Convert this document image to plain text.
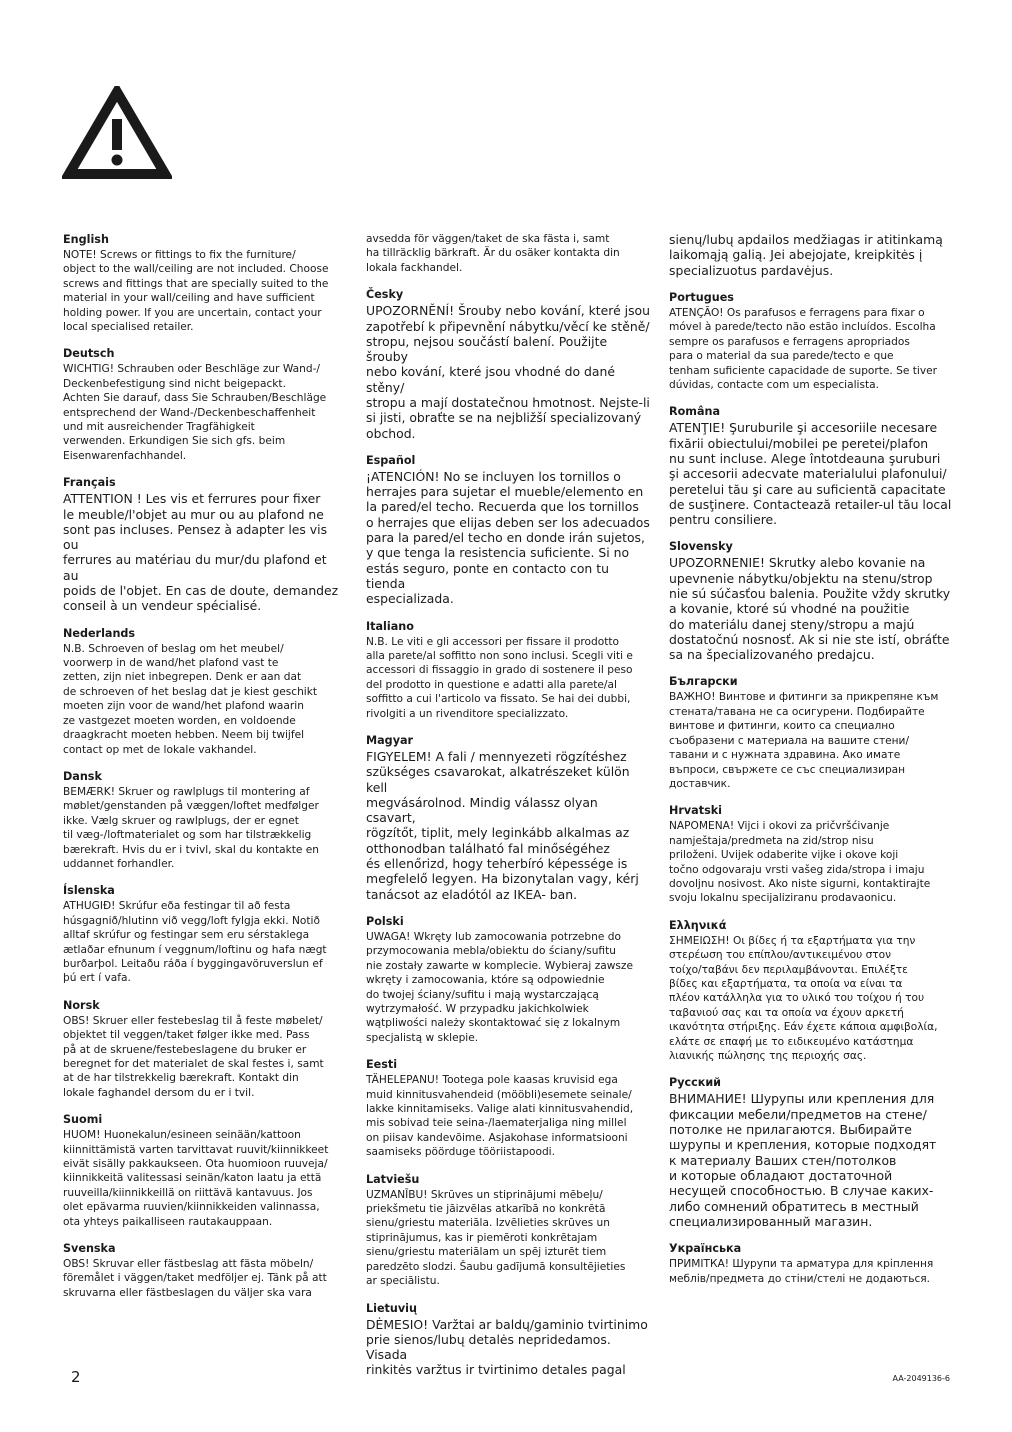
English
NOTE! Screws or fittings to fix the furniture/
object to the wall/ceiling are not included. Choose
screws and fittings that are specially suited to the
material in your wall/ceiling and have sufficient
holding power. If you are uncertain, contact your
local specialised retailer.
Deutsch
WICHTIG! Schrauben oder Beschläge zur Wand-/
Deckenbefestigung sind nicht beigepackt.
Achten Sie darauf, dass Sie Schrauben/Beschläge
entsprechend der Wand-/Deckenbeschaffenheit
und mit ausreichender Tragfähigkeit
verwenden. Erkundigen Sie sich gfs. beim
Eisenwarenfachhandel.
Français
ATTENTION ! Les vis et ferrures pour fixer
le meuble/l'objet au mur ou au plafond ne
sont pas incluses. Pensez à adapter les vis ou
ferrures au matériau du mur/du plafond et au
poids de l'objet. En cas de doute, demandez
conseil à un vendeur spécialisé.
Nederlands
N.B. Schroeven of beslag om het meubel/
voorwerp in de wand/het plafond vast te
zetten, zijn niet inbegrepen. Denk er aan dat
de schroeven of het beslag dat je kiest geschikt
moeten zijn voor de wand/het plafond waarin
ze vastgezet moeten worden, en voldoende
draagkracht moeten hebben. Neem bij twijfel
contact op met de lokale vakhandel.
Dansk
BEMÆRK! Skruer og rawlplugs til montering af
møblet/genstanden på væggen/loftet medfølger
ikke. Vælg skruer og rawlplugs, der er egnet
til væg-/loftmaterialet og som har tilstrækkelig
bærekraft. Hvis du er i tvivl, skal du kontakte en
uddannet forhandler.
Íslenska
ATHUGIÐ! Skrúfur eða festingar til að festa
húsgagnið/hlutinn við vegg/loft fylgja ekki. Notið
alltaf skrúfur og festingar sem eru sérstaklega
ætlaðar efnunum í veggnum/loftinu og hafa nægt
burðarþol. Leitaðu ráða í byggingavöruverslun ef
þú ert í vafa.
Norsk
OBS! Skruer eller festebeslag til å feste møbelet/
objektet til veggen/taket følger ikke med. Pass
på at de skruene/festebeslagene du bruker er
beregnet for det materialet de skal festes i, samt
at de har tilstrekkelig bærekraft. Kontakt din
lokale faghandel dersom du er i tvil.
Suomi
HUOM! Huonekalun/esineen seinään/kattoon
kiinnittämistä varten tarvittavat ruuvit/kiinnikkeet
eivät sisälly pakkaukseen. Ota huomioon ruuveja/
kiinnikkeitä valitessasi seinän/katon laatu ja että
ruuveilla/kiinnikkeillä on riittävä kantavuus. Jos
olet epävarma ruuvien/kiinnikkeiden valinnassa,
ota yhteys paikalliseen rautakauppaan.
Svenska
OBS! Skruvar eller fästbeslag att fästa möbeln/
föremålet i väggen/taket medföljer ej. Tänk på att
skruvarna eller fästbeslagen du väljer ska vara
avsedda för väggen/taket de ska fästa i, samt
ha tillräcklig bärkraft. Är du osäker kontakta din
lokala fackhandel.
Česky
UPOZORNĚNÍ! Šrouby nebo kování, které jsou
zapotřebí k připevnění nábytku/věcí ke stěně/
stropu, nejsou součástí balení. Použijte šrouby
nebo kování, které jsou vhodné do dané stěny/
stropu a mají dostatečnou hmotnost. Nejste-li
si jisti, obraťte se na nejbližší specializovaný
obchod.
Español
¡ATENCIÓN! No se incluyen los tornillos o
herrajes para sujetar el mueble/elemento en
la pared/el techo. Recuerda que los tornillos
o herrajes que elijas deben ser los adecuados
para la pared/el techo en donde irán sujetos,
y que tenga la resistencia suficiente. Si no
estás seguro, ponte en contacto con tu tienda
especializada.
Italiano
N.B. Le viti e gli accessori per fissare il prodotto
alla parete/al soffitto non sono inclusi. Scegli viti e
accessori di fissaggio in grado di sostenere il peso
del prodotto in questione e adatti alla parete/al
soffitto a cui l'articolo va fissato. Se hai dei dubbi,
rivolgiti a un rivenditore specializzato.
Magyar
FIGYELEM! A fali / mennyezeti rögzítéshez
szükséges csavarokat, alkatrészeket külön kell
megvásárolnod. Mindig válassz olyan csavart,
rögzítőt, tiplit, mely leginkább alkalmas az
otthonodban található fal minőségéhez
és ellenőrizd, hogy teherbíró képessége is
megfelelő legyen. Ha bizonytalan vagy, kérj
tanácsot az eladótól az IKEA- ban.
Polski
UWAGA! Wkręty lub zamocowania potrzebne do
przymocowania mebla/obiektu do ściany/sufitu
nie zostały zawarte w komplecie. Wybieraj zawsze
wkręty i zamocowania, które są odpowiednie
do twojej ściany/sufitu i mają wystarczającą
wytrzymałość. W przypadku jakichkolwiek
wątpliwości należy skontaktować się z lokalnym
specjalistą w sklepie.
Eesti
TÄHELEPANU! Tootega pole kaasas kruvisid ega
muid kinnitusvahendeid (mööbli)esemete seinale/
lakke kinnitamiseks. Valige alati kinnitusvahendid,
mis sobivad teie seina-/laematerjaliga ning millel
on piisav kandevõime. Asjakohase informatsiooni
saamiseks pöörduge tööriistapoodi.
Latviešu
UZMANĪBU! Skrūves un stiprinājumi mēbeļu/
priekšmetu tie jāizvēlas atkarībā no konkrētā
sienu/griestu materiāla. Izvēlieties skrūves un
stiprinājumus, kas ir piemēroti konkrētajam
sienu/griestu materiālam un spēj izturēt tiem
paredzēto slodzi. Šaubu gadījumā konsultējieties
ar speciālistu.
Lietuvių
DĖMESIO! Varžtai ar baldų/gaminio tvirtinimo
prie sienos/lubų detalės nepridedamos. Visada
rinkitės varžtus ir tvirtinimo detales pagal
sienų/lubų apdailos medžiagas ir atitinkamą
laikomąją galią. Jei abejojate, kreipkitės į
specializuotus pardavėjus.
Portugues
ATENÇÃO! Os parafusos e ferragens para fixar o
móvel à parede/tecto não estão incluídos. Escolha
sempre os parafusos e ferragens apropriados
para o material da sua parede/tecto e que
tenham suficiente capacidade de suporte. Se tiver
dúvidas, contacte com um especialista.
Româna
ATENŢIE! Şuruburile şi accesoriile necesare
fixării obiectului/mobilei pe peretei/plafon
nu sunt incluse. Alege întotdeauna şuruburi
şi accesorii adecvate materialului plafonului/
peretelui tău şi care au suficientă capacitate
de susţinere. Contactează retailer-ul tău local
pentru consiliere.
Slovensky
UPOZORNENIE! Skrutky alebo kovanie na
upevnenie nábytku/objektu na stenu/strop
nie sú súčasťou balenia. Použite vždy skrutky
a kovanie, ktoré sú vhodné na použitie
do materiálu danej steny/stropu a majú
dostatočnú nosnosť. Ak si nie ste istí, obráťte
sa na špecializovaného predajcu.
Български
ВАЖНО! Винтове и фитинги за прикрепяне към
стената/тавана не са осигурени. Подбирайте
винтове и фитинги, които са специално
съобразени с материала на вашите стени/
тавани и с нужната здравина. Ако имате
въпроси, свържете се със специализиран
доставчик.
Hrvatski
NAPOMENA! Vijci i okovi za pričvršćivanje
namještaja/predmeta na zid/strop nisu
priloženi. Uvijek odaberite vijke i okove koji
točno odgovaraju vrsti vašeg zida/stropa i imaju
dovoljnu nosivost. Ako niste sigurni, kontaktirajte
svoju lokalnu specijaliziranu prodavaonicu.
Ελληνικά
ΣΗΜΕΙΩΣΗ! Οι βίδες ή τα εξαρτήματα για την
στερέωση του επίπλου/αντικειμένου στον
τοίχο/ταβάνι δεν περιλαμβάνονται. Επιλέξτε
βίδες και εξαρτήματα, τα οποία να είναι τα
πλέον κατάλληλα για το υλικό του τοίχου ή του
ταβανιού σας και τα οποία να έχουν αρκετή
ικανότητα στήριξης. Εάν έχετε κάποια αμφιβολία,
ελάτε σε επαφή με το ειδικευμένο κατάστημα
λιανικής πώλησης της περιοχής σας.
Русский
ВНИМАНИЕ! Шурупы или крепления для
фиксации мебели/предметов на стене/
потолке не прилагаются. Выбирайте
шурупы и крепления, которые подходят
к материалу Ваших стен/потолков
и которые обладают достаточной
несущей способностью. В случае каких-
либо сомнений обратитесь в местный
специализированный магазин.
Українська
ПРИМІТКА! Шурупи та арматура для кріплення
меблів/предмета до стіни/стелі не додаються.
2	AA-2049136-6
